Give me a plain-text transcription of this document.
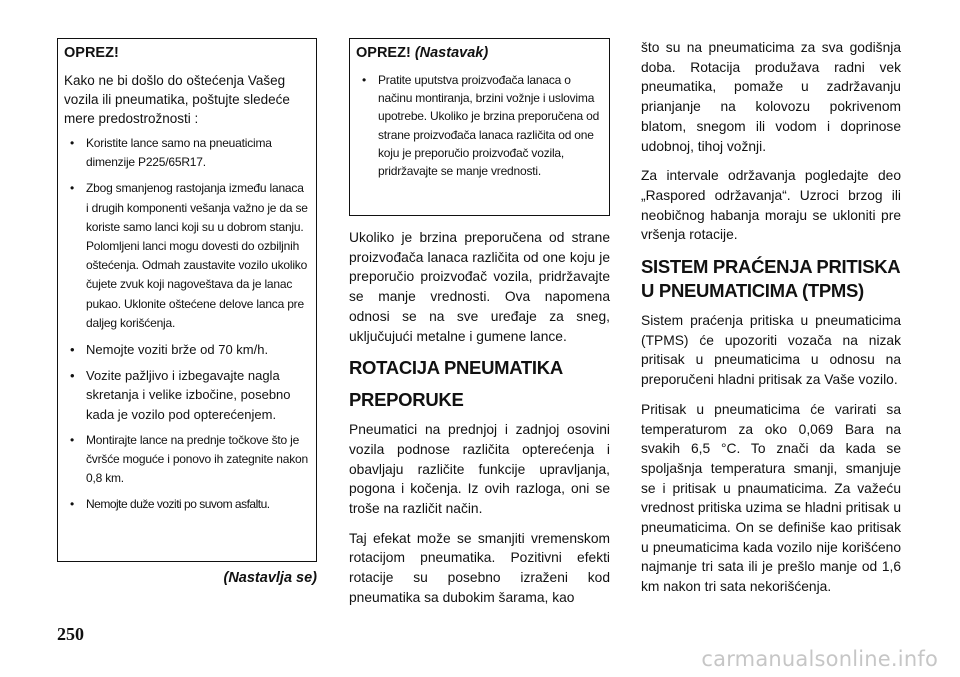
OPREZ!

Kako ne bi došlo do oštećenja Vašeg vozila ili pneumatika, poštujte sledeće mere predostrožnosti :

• Koristite lance samo na pneuaticima dimenzije P225/65R17.
• Zbog smanjenog rastojanja između lanaca i drugih komponenti vešanja važno je da se koriste samo lanci koji su u dobrom stanju. Polomljeni lanci mogu dovesti do ozbiljnih oštećenja. Odmah zaustavite vozilo ukoliko čujete zvuk koji nagoveštava da je lanac pukao. Uklonite oštećene delove lanca pre daljeg korišćenja.
• Nemojte voziti brže od 70 km/h.
• Vozite pažljivo i izbegavajte nagla skretanja i velike izbočine, posebno kada je vozilo pod opterećenjem.
• Montirajte lance na prednje točkove što je čvršće moguće i ponovo ih zategnite nakon 0,8 km.
• Nemojte duže voziti po suvom asfaltu.
(Nastavlja se)

OPREZ! (Nastavak)

• Pratite uputstva proizvođača lanaca o načinu montiranja, brzini vožnje i uslovima upotrebe. Ukoliko je brzina preporučena od strane proizvođača lanaca različita od one koju je preporučio proizvođač vozila, pridržavajte se manje vrednosti.

Ukoliko je brzina preporučena od strane proizvođača lanaca različita od one koju je preporučio proizvođač vozila, pridržavajte se manje vrednosti. Ova napomena odnosi se na sve uređaje za sneg, uključujući metalne i gumene lance.

ROTACIJA PNEUMATIKA
PREPORUKE

Pneumatici na prednjoj i zadnjoj osovini vozila podnose različita opterećenja i obavljaju različite funkcije upravljanja, pogona i kočenja. Iz ovih razloga, oni se troše na različit način.

Taj efekat može se smanjiti vremenskom rotacijom pneumatika. Pozitivni efekti rotacije su posebno izraženi kod pneumatika sa dubokim šarama, kao

što su na pneumaticima za sva godišnja doba. Rotacija produžava radni vek pneumatika, pomaže u zadržavanju prianjanje na kolovozu pokrivenom blatom, snegom ili vodom i doprinose udobnoj, tihoj vožnji.

Za intervale održavanja pogledajte deo „Raspored održavanja“. Uzroci brzog ili neobičnog habanja moraju se ukloniti pre vršenja rotacije.

SISTEM PRAĆENJA PRITISKA U PNEUMATICIMA (TPMS)

Sistem praćenja pritiska u pneumaticima (TPMS) će upozoriti vozača na nizak pritisak u pneumaticima u odnosu na preporučeni hladni pritisak za Vaše vozilo.

Pritisak u pneumaticima će varirati sa temperaturom za oko 0,069 Bara na svakih 6,5 °C. To znači da kada se spoljašnja temperatura smanji, smanjuje se i pritisak u pnaumaticima. Za važeću vrednost pritiska uzima se hladni pritisak u pneumaticima. On se definiše kao pritisak u pneumaticima kada vozilo nije korišćeno najmanje tri sata ili je prešlo manje od 1,6 km nakon tri sata nekorišćenja.

250
carmanualsonline.info
